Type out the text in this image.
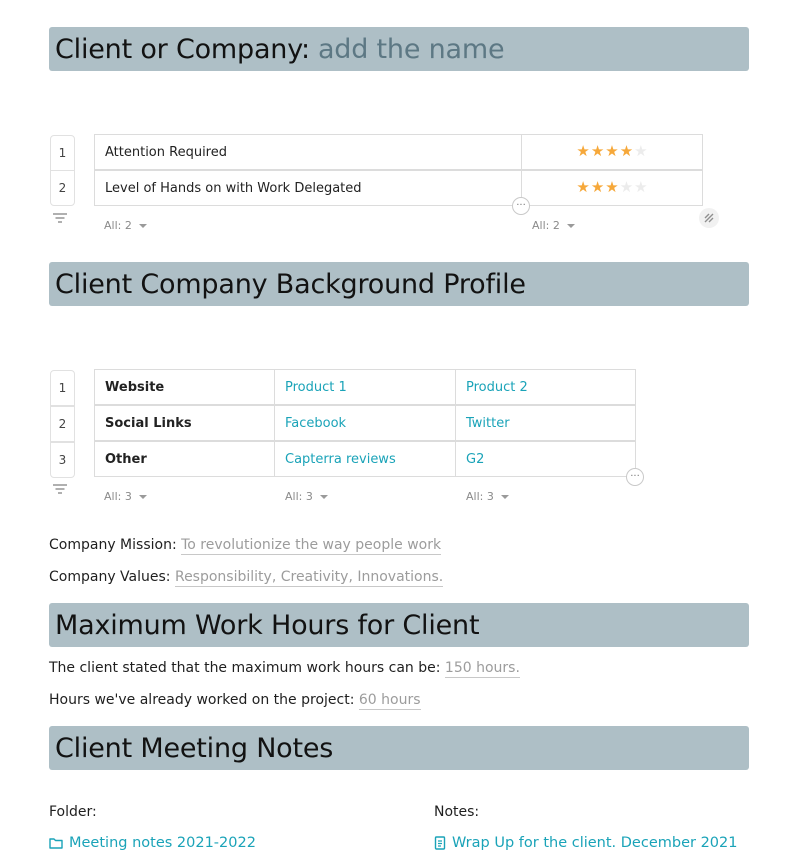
Client or Company: add the name
1
2
Attention Required	★★★★★
Level of Hands on with Work Delegated	★★★★★
···
All: 2	All: 2
Client Company Background Profile
1
2
3
Website	Product 1	Product 2
Social Links	Facebook	Twitter
Other	Capterra reviews	G2
···
All: 3	All: 3	All: 3
Company Mission: To revolutionize the way people work
Company Values: Responsibility, Creativity, Innovations.
Maximum Work Hours for Client
The client stated that the maximum work hours can be: 150 hours.
Hours we've already worked on the project: 60 hours
Client Meeting Notes
Folder:	Notes:
Meeting notes 2021-2022	Wrap Up for the client. December 2021
